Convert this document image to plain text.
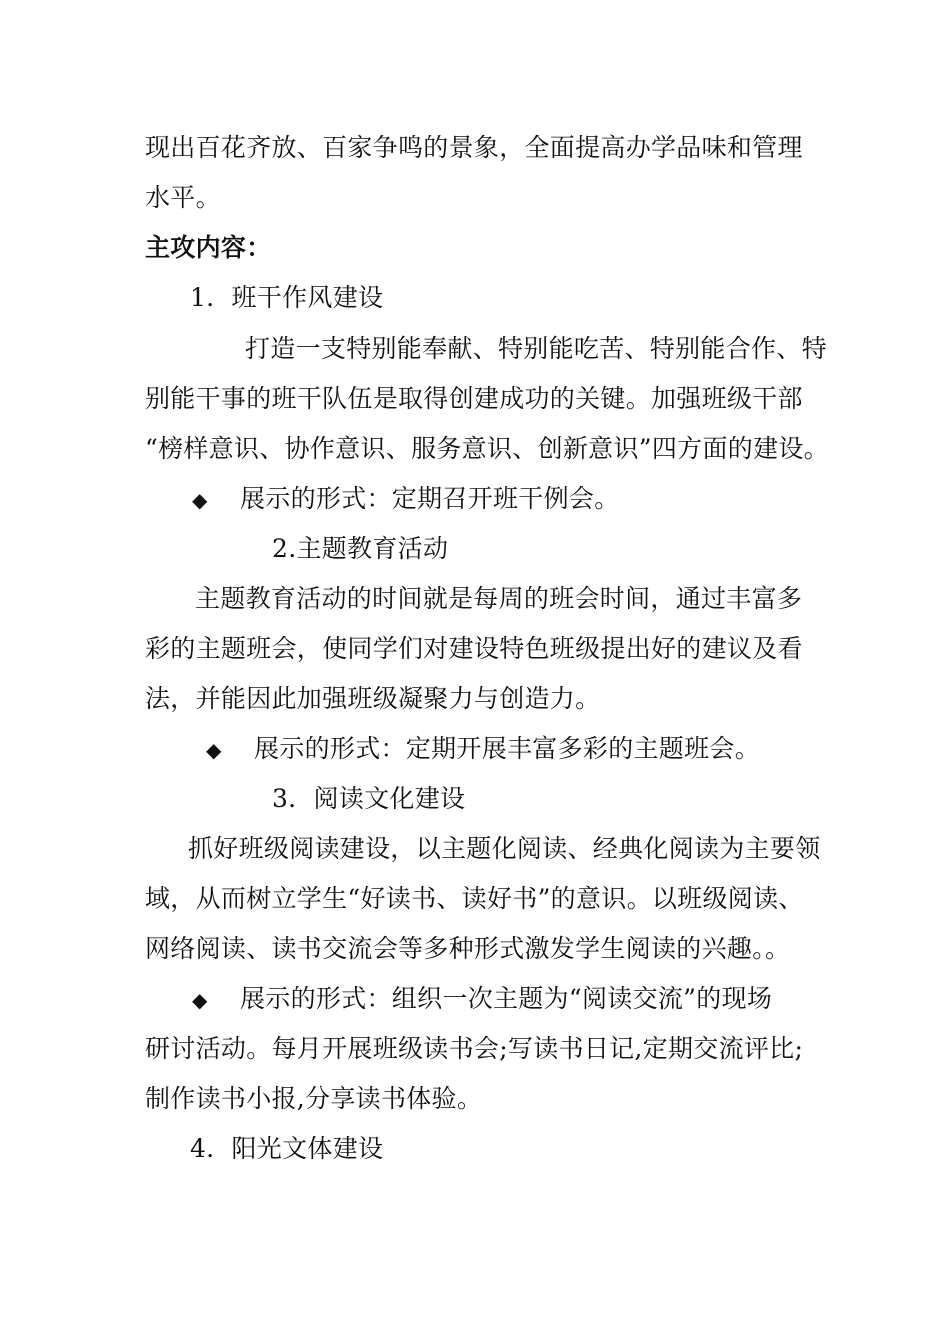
现出百花齐放、百家争鸣的景象，全面提高办学品味和管理
水平。
主攻内容：
1．班干作风建设
打造一支特别能奉献、特别能吃苦、特别能合作、特
别能干事的班干队伍是取得创建成功的关键。加强班级干部
“榜样意识、协作意识、服务意识、创新意识”四方面的建设。
◆ 展示的形式：定期召开班干例会。
2.主题教育活动
主题教育活动的时间就是每周的班会时间，通过丰富多
彩的主题班会，使同学们对建设特色班级提出好的建议及看
法，并能因此加强班级凝聚力与创造力。
◆ 展示的形式：定期开展丰富多彩的主题班会。
3．阅读文化建设
抓好班级阅读建设，以主题化阅读、经典化阅读为主要领
域，从而树立学生“好读书、读好书”的意识。以班级阅读、
网络阅读、读书交流会等多种形式激发学生阅读的兴趣。。
◆ 展示的形式：组织一次主题为“阅读交流”的现场
研讨活动。每月开展班级读书会;写读书日记,定期交流评比;
制作读书小报,分享读书体验。
4．阳光文体建设
